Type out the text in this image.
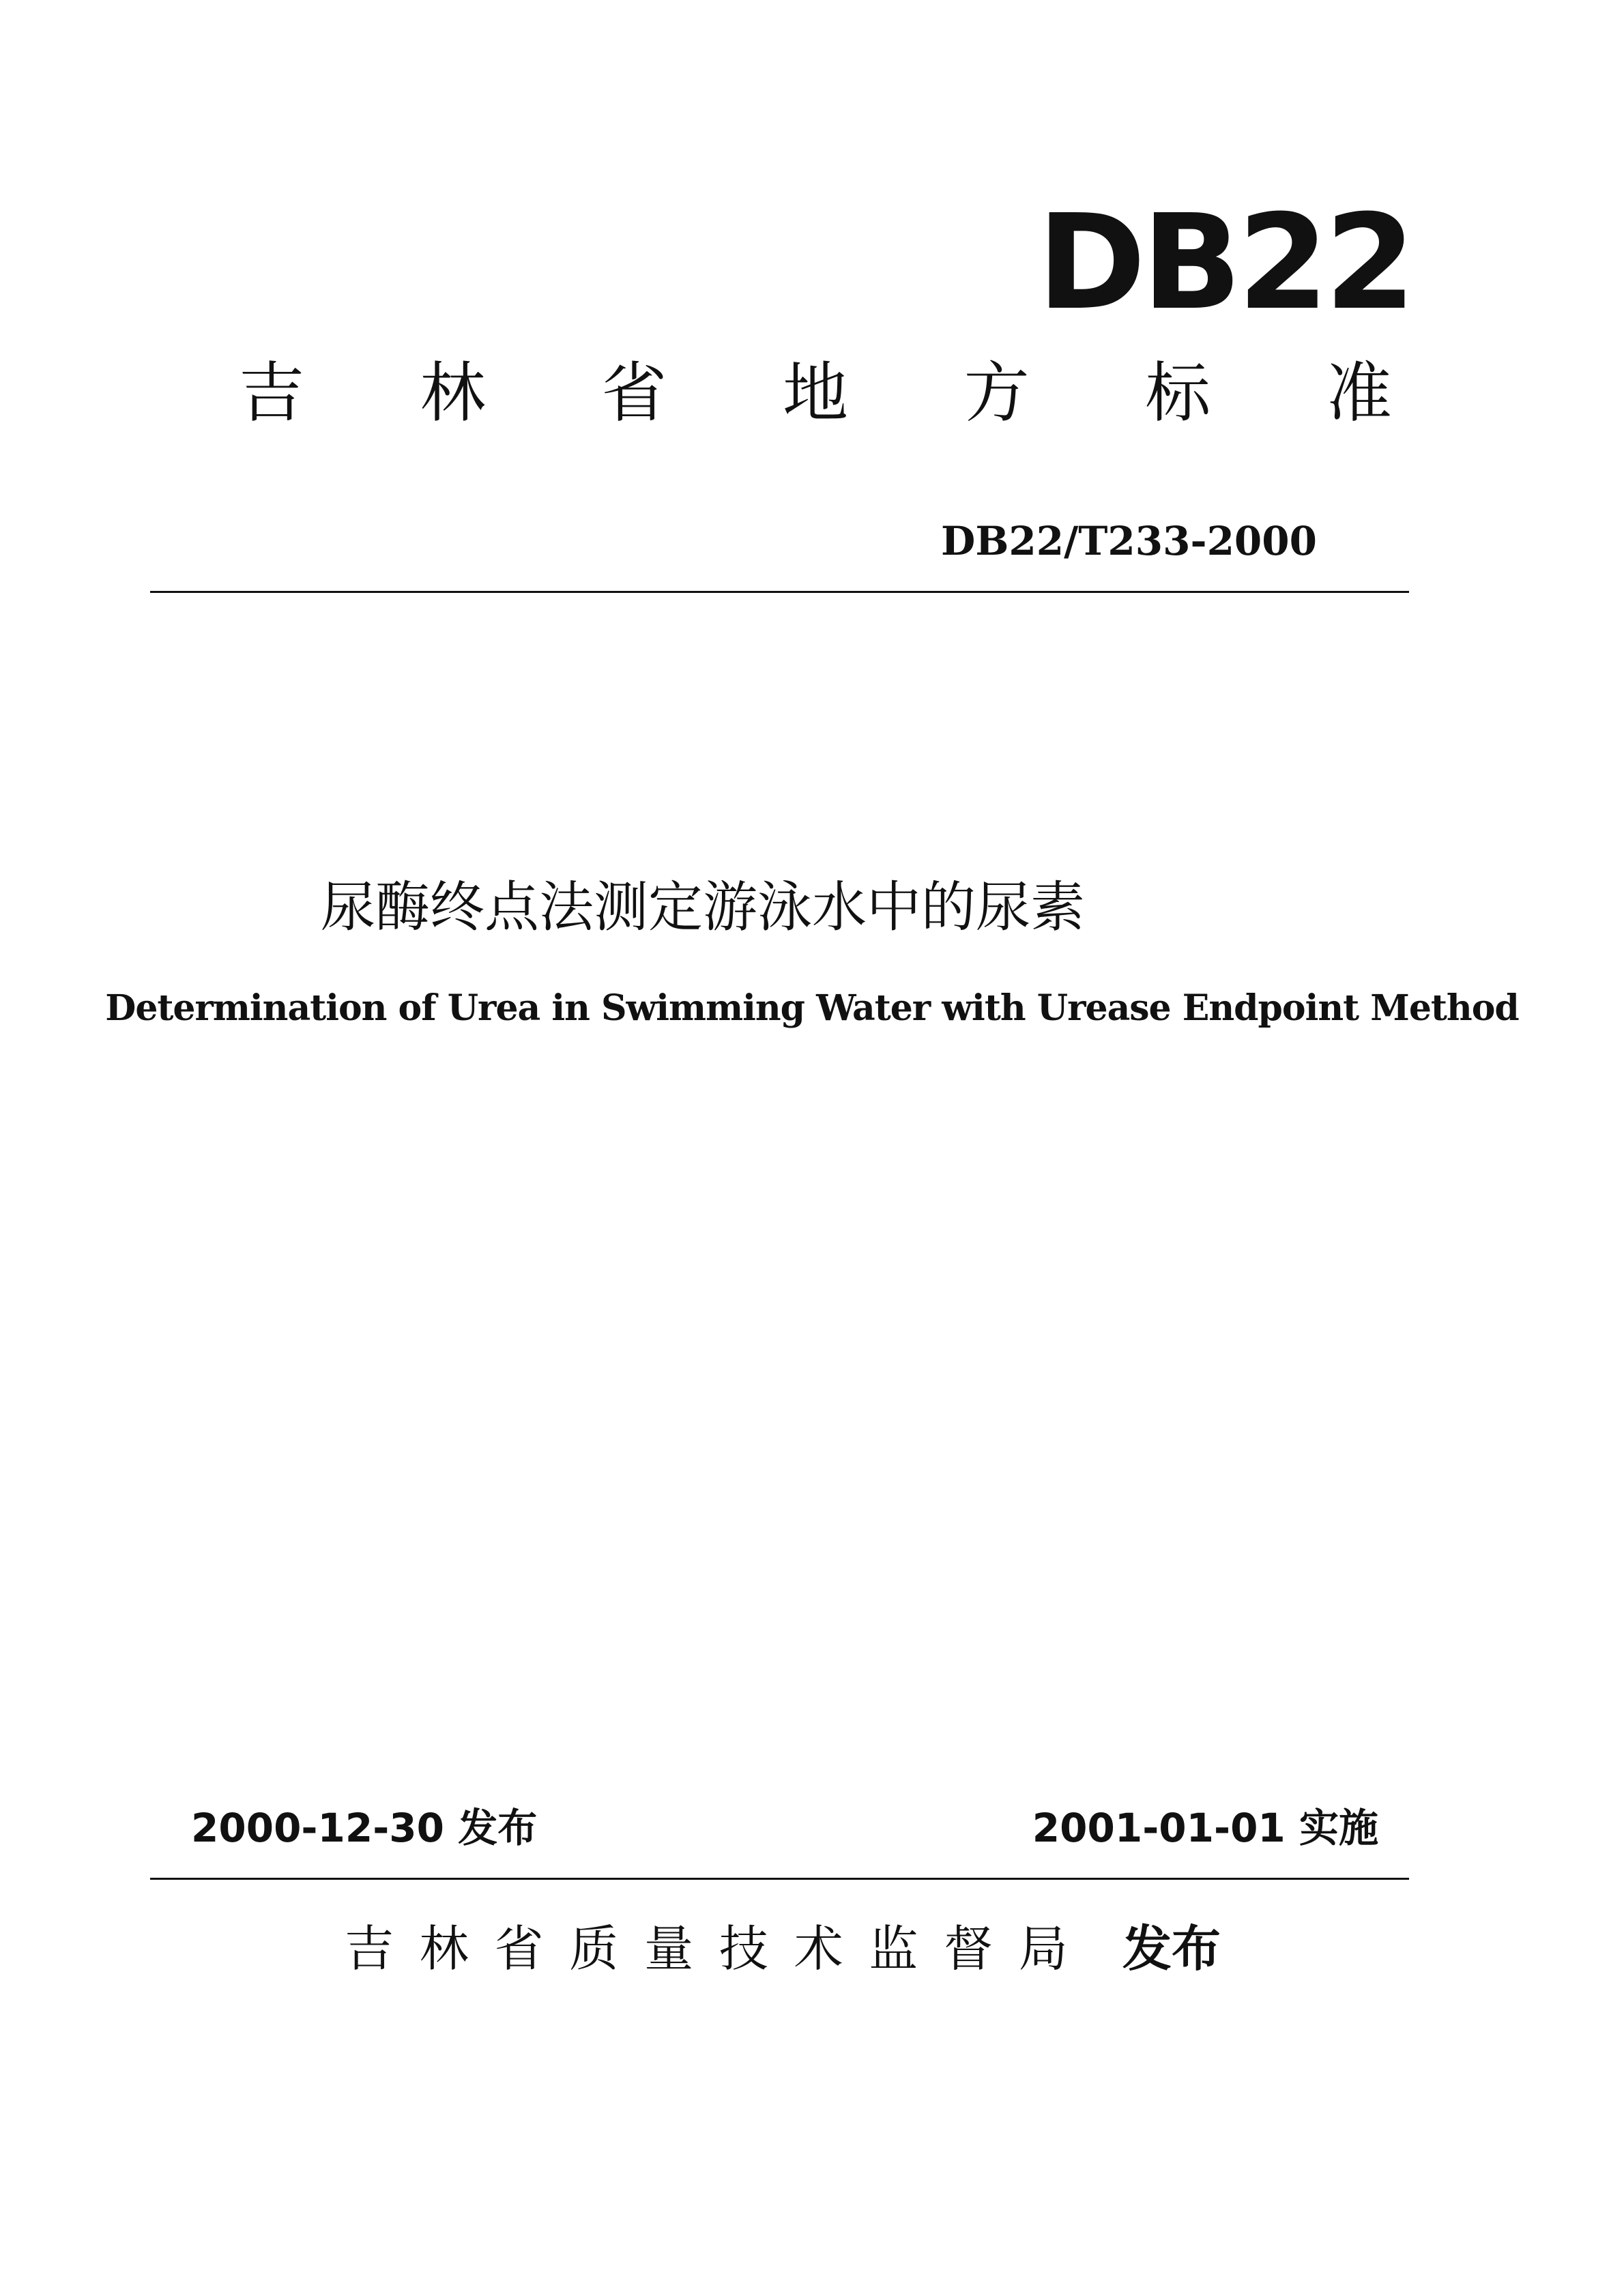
DB22
吉 林 省 地 方 标 准
DB22/T233-2000
尿酶终点法测定游泳水中的尿素
Determination of Urea in Swimming Water with Urease Endpoint Method
2000-12-30 发布	2001-01-01 实施
吉 林 省 质 量 技 术 监 督 局 发布
